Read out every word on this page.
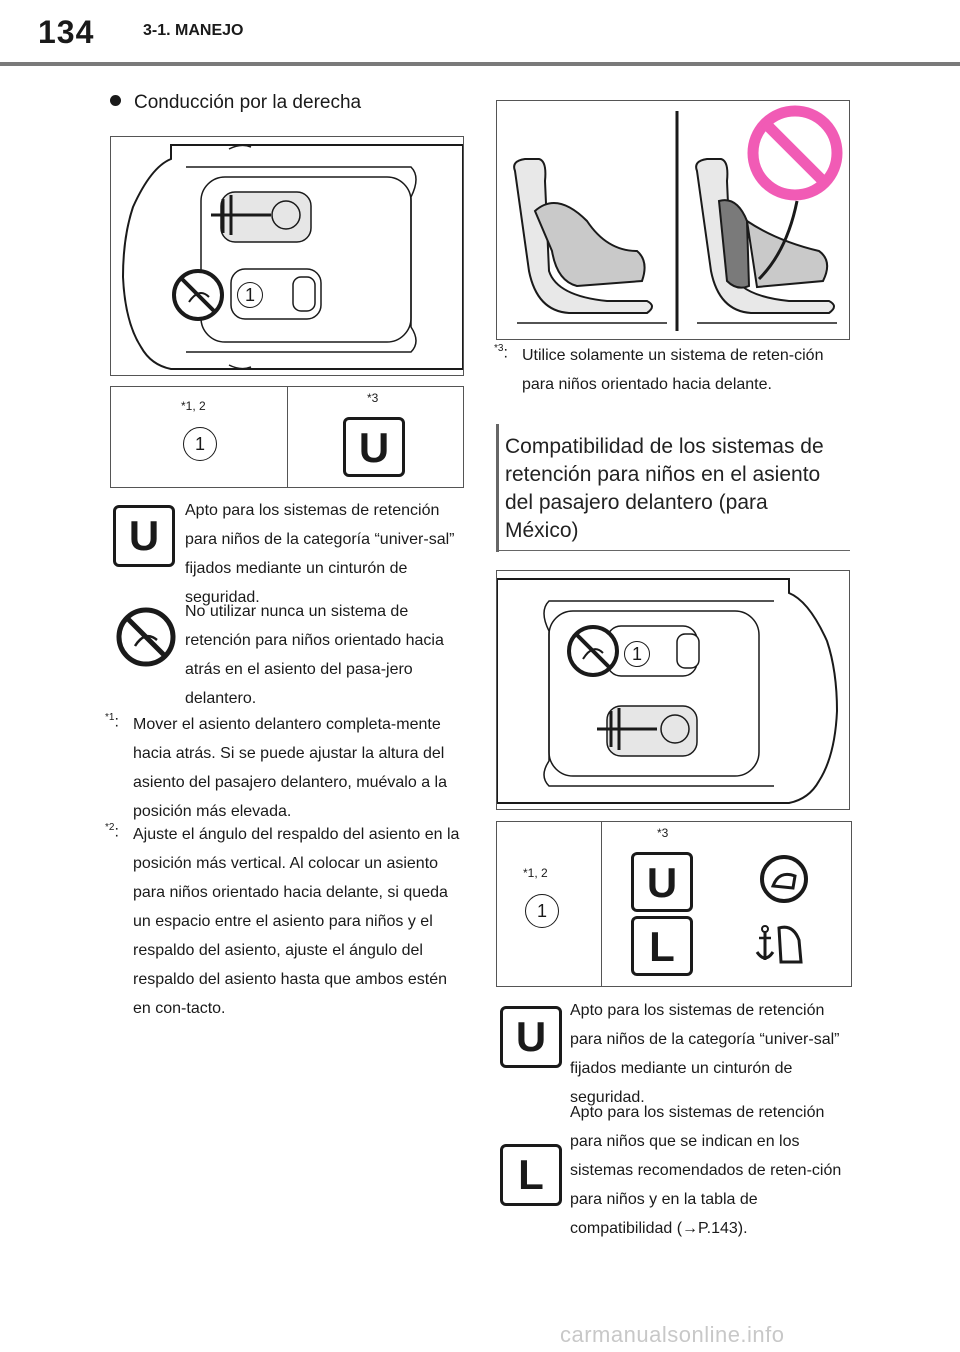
134	3-1. MANEJO
Conducción por la derecha
1
*1, 2
1
*3
U
U
Apto para los sistemas de retención para niños de la categoría “univer-sal” fijados mediante un cinturón de seguridad.
No utilizar nunca un sistema de retención para niños orientado hacia atrás en el asiento del pasa-jero delantero.
$^{*1}$: Mover el asiento delantero completa-mente hacia atrás. Si se puede ajustar la altura del asiento del pasajero delantero, muévalo a la posición más elevada.
$^{*2}$: Ajuste el ángulo del respaldo del asiento en la posición más vertical. Al colocar un asiento para niños orientado hacia delante, si queda un espacio entre el asiento para niños y el respaldo del asiento, ajuste el ángulo del respaldo del asiento hasta que ambos estén en con-tacto.
$^{*3}$: Utilice solamente un sistema de reten-ción para niños orientado hacia delante.
Compatibilidad de los sistemas de retención para niños en el asiento del pasajero delantero (para México)
1
*1, 2
1
*3
U
L
U
Apto para los sistemas de retención para niños de la categoría “univer-sal” fijados mediante un cinturón de seguridad.
L
Apto para los sistemas de retención para niños que se indican en los sistemas recomendados de reten-ción para niños y en la tabla de compatibilidad (→P.143).
carmanualsonline.info
